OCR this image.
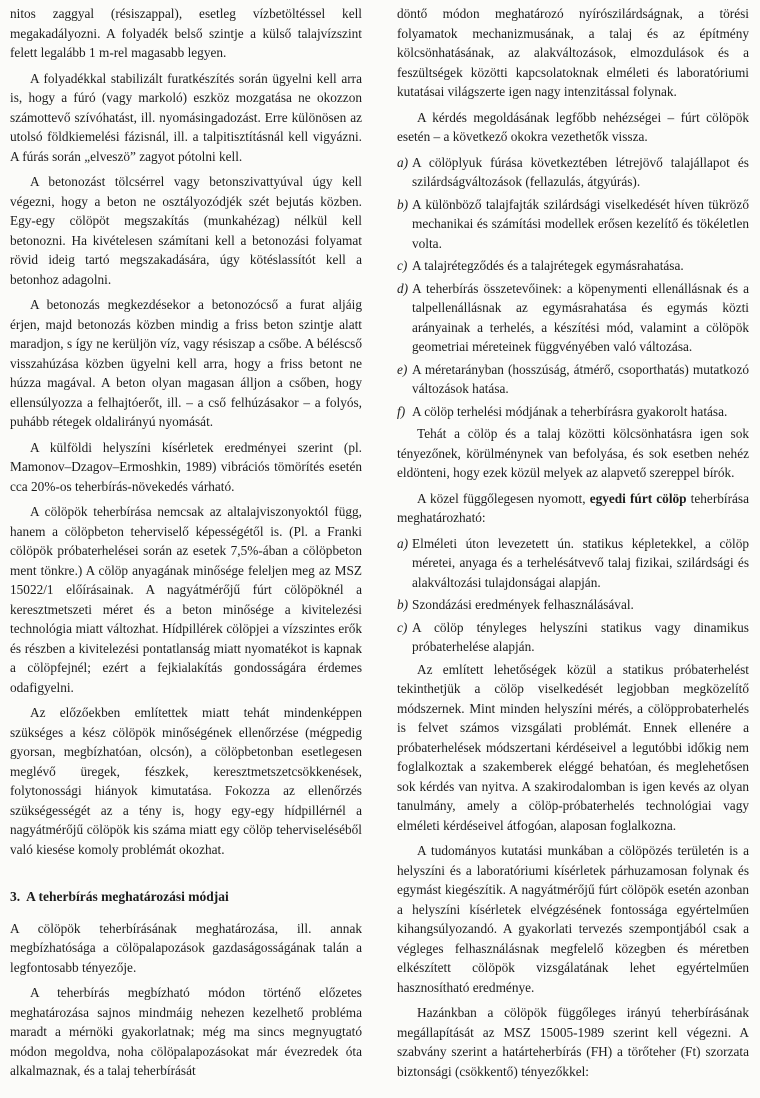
nitos zaggyal (résiszappal), esetleg vízbetöltéssel kell megakadályozni. A folyadék belső szintje a külső talajvízszint felett legalább 1 m-rel magasabb legyen.

A folyadékkal stabilizált furatkészítés során ügyelni kell arra is, hogy a fúró (vagy markoló) eszköz mozgatása ne okozzon számottevő szívóhatást, ill. nyomásingadozást. Erre különösen az utolsó földkiemelési fázisnál, ill. a talpitisztításnál kell vigyázni. A fúrás során „elveszö” zagyot pótolni kell.

A betonozást tölcsérrel vagy betonszivattyúval úgy kell végezni, hogy a beton ne osztályozódjék szét bejutás közben. Egy-egy cölöpöt megszakítás (munkahézag) nélkül kell betonozni. Ha kivételesen számítani kell a betonozási folyamat rövid ideig tartó megszakadására, úgy kötéslassítót kell a betonhoz adagolni.

A betonozás megkezdésekor a betonozócső a furat aljáig érjen, majd betonozás közben mindig a friss beton szintje alatt maradjon, s így ne kerüljön víz, vagy résiszap a csőbe. A béléscső visszahúzása közben ügyelni kell arra, hogy a friss betont ne húzza magával. A beton olyan magasan álljon a csőben, hogy ellensúlyozza a felhajtóerőt, ill. – a cső felhúzásakor – a folyós, puhább rétegek oldalirányú nyomását.

A külföldi helyszíni kísérletek eredményei szerint (pl. Mamonov–Dzagov–Ermoshkin, 1989) vibrációs tömörítés esetén cca 20%-os teherbírás-növekedés várható.

A cölöpök teherbírása nemcsak az altalajviszonyoktól függ, hanem a cölöpbeton teherviselő képességétől is. (Pl. a Franki cölöpök próbaterhelései során az esetek 7,5%-ában a cölöpbeton ment tönkre.) A cölöp anyagának minősége feleljen meg az MSZ 15022/1 előírásainak. A nagyátmérőjű fúrt cölöpöknél a keresztmetszeti méret és a beton minősége a kivitelezési technológia miatt változhat. Hídpillérek cölöpjei a vízszintes erők és részben a kivitelezési pontatlanság miatt nyomatékot is kapnak a cölöpfejnél; ezért a fejkialakítás gondosságára érdemes odafigyelni.

Az előzőekben említettek miatt tehát mindenképpen szükséges a kész cölöpök minőségének ellenőrzése (mégpedig gyorsan, megbízhatóan, olcsón), a cölöpbetonban esetlegesen meglévő üregek, fészkek, keresztmetszetcsökkenések, folytonossági hiányok kimutatása. Fokozza az ellenőrzés szükségességét az a tény is, hogy egy-egy hídpillérnél a nagyátmérőjű cölöpök kis száma miatt egy cölöp teherviseléséből való kiesése komoly problémát okozhat.

3. A teherbírás meghatározási módjai

A cölöpök teherbírásának meghatározása, ill. annak megbízhatósága a cölöpalapozások gazdaságosságának talán a legfontosabb tényezője.

A teherbírás megbízható módon történő előzetes meghatározása sajnos mindmáig nehezen kezelhető probléma maradt a mérnöki gyakorlatnak; még ma sincs megnyugtató módon megoldva, noha cölöpalapozásokat már évezredek óta alkalmaznak, és a talaj teherbírását

döntő módon meghatározó nyírószilárdságnak, a törési folyamatok mechanizmusának, a talaj és az építmény kölcsönhatásának, az alakváltozások, elmozdulások és a feszültségek közötti kapcsolatoknak elméleti és laboratóriumi kutatásai világszerte igen nagy intenzitással folynak.

A kérdés megoldásának legfőbb nehézségei – fúrt cölöpök esetén – a következő okokra vezethetők vissza.

a) A cölöplyuk fúrása következtében létrejövő talajállapot és szilárdságváltozások (fellazulás, átgyúrás).

b) A különböző talajfajták szilárdsági viselkedését híven tükröző mechanikai és számítási modellek erősen kezelítő és tökéletlen volta.

c) A talajrétegződés és a talajrétegek egymásrahatása.

d) A teherbírás összetevőinek: a köpenymenti ellenállásnak és a talpellenállásnak az egymásrahatása és egymás közti arányainak a terhelés, a készítési mód, valamint a cölöpök geometriai méreteinek függvényében való változása.

e) A méretarányban (hosszúság, átmérő, csoporthatás) mutatkozó változások hatása.

f) A cölöp terhelési módjának a teherbírásra gyakorolt hatása.

Tehát a cölöp és a talaj közötti kölcsönhatásra igen sok tényezőnek, körülménynek van befolyása, és sok esetben nehéz eldönteni, hogy ezek közül melyek az alapvető szereppel bírók.

A közel függőlegesen nyomott, egyedi fúrt cölöp teherbírása meghatározható:

a) Elméleti úton levezetett ún. statikus képletekkel, a cölöp méretei, anyaga és a terhelésátvevő talaj fizikai, szilárdsági és alakváltozási tulajdonságai alapján.

b) Szondázási eredmények felhasználásával.

c) A cölöp tényleges helyszíni statikus vagy dinamikus próbaterhelése alapján.

Az említett lehetőségek közül a statikus próbaterhelést tekinthetjük a cölöp viselkedését legjobban megközelítő módszernek. Mint minden helyszíni mérés, a cölöpprobaterhelés is felvet számos vizsgálati problémát. Ennek ellenére a próbaterhelések módszertani kérdéseivel a legutóbbi időkig nem foglalkoztak a szakemberek eléggé behatóan, és meglehetősen sok kérdés van nyitva. A szakirodalomban is igen kevés az olyan tanulmány, amely a cölöp-próbaterhelés technológiai vagy elméleti kérdéseivel átfogóan, alaposan foglalkozna.

A tudományos kutatási munkában a cölöpözés területén is a helyszíni és a laboratóriumi kísérletek párhuzamosan folynak és egymást kiegészítik. A nagyátmérőjű fúrt cölöpök esetén azonban a helyszíni kísérletek elvégzésének fontossága egyértelműen kihangsúlyozandó. A gyakorlati tervezés szempontjából csak a végleges felhasználásnak megfelelő közegben és méretben elkészített cölöpök vizsgálatának lehet egyértelműen hasznosítható eredménye.

Hazánkban a cölöpök függőleges irányú teherbírásának megállapítását az MSZ 15005-1989 szerint kell végezni. A szabvány szerint a határteherbírás (FH) a törőteher (Ft) szorzata biztonsági (csökkentő) tényezőkkel:
